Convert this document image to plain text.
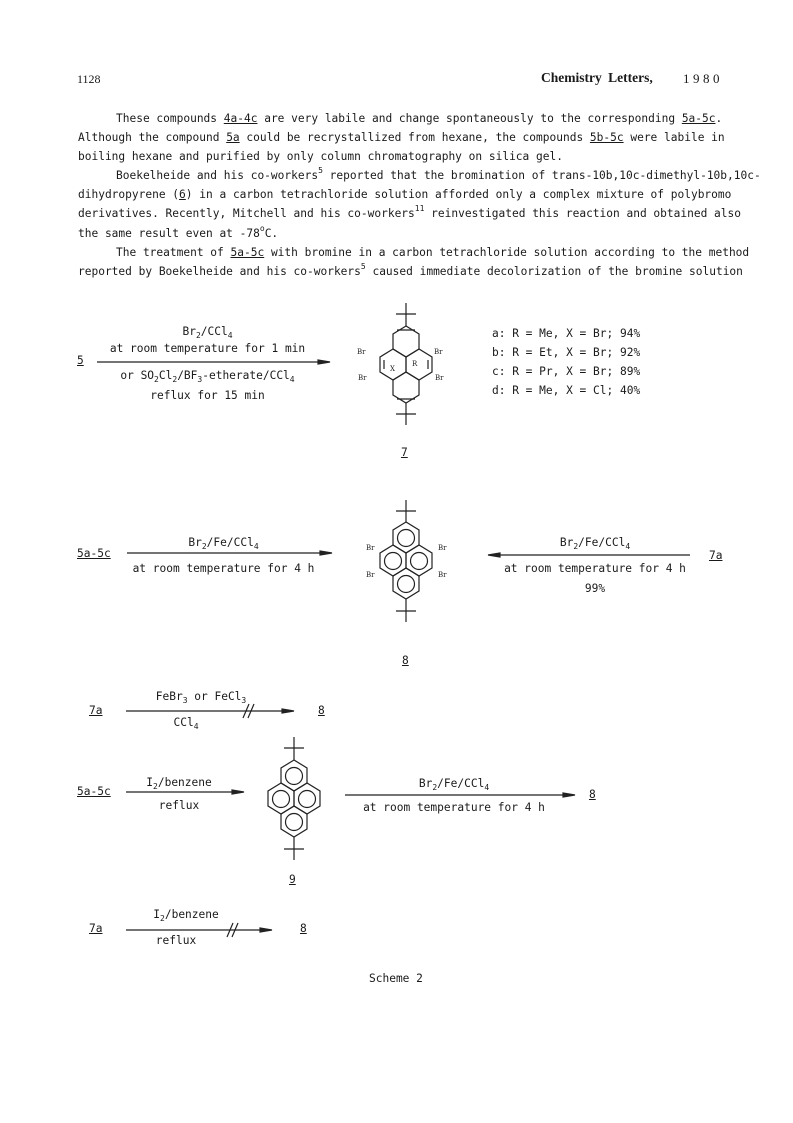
1128	Chemistry Letters, 1980
These compounds 4a-4c are very labile and change spontaneously to the corresponding 5a-5c.
Although the compound 5a could be recrystallized from hexane, the compounds 5b-5c were labile in
boiling hexane and purified by only column chromatography on silica gel.
Boekelheide and his co-workers$^5$ reported that the bromination of trans-10b,10c-dimethyl-10b,10c-
dihydropyrene (6) in a carbon tetrachloride solution afforded only a complex mixture of polybromo
derivatives. Recently, Mitchell and his co-workers$^{11}$ reinvestigated this reaction and obtained also
the same result even at -78$^o$C.
The treatment of 5a-5c with bromine in a carbon tetrachloride solution according to the method
reported by Boekelheide and his co-workers$^5$ caused immediate decolorization of the bromine solution
Br	Br
Br	Br
X
R
Br	Br
Br	Br
5
$Br_2/CCl_4$
at room temperature for 1 min
or $SO_2Cl_2/BF_3-etherate/CCl_4$
reflux for 15 min
7
a: R = Me, X = Br; 94%
b: R = Et, X = Br; 92%
c: R = Pr, X = Br; 89%
d: R = Me, X = Cl; 40%
5a-5c
$Br_2/Fe/CCl_4$
at room temperature for 4 h
7a
$Br_2/Fe/CCl_4$
at room temperature for 4 h
99%
8
7a
FeBr$_3$ or FeCl$_3$
CCl$_4$
8
5a-5c
$I_2$/benzene
reflux
$Br_2/Fe/CCl_4$
at room temperature for 4 h
8
9
7a
$I_2$/benzene
reflux
8
Scheme 2
